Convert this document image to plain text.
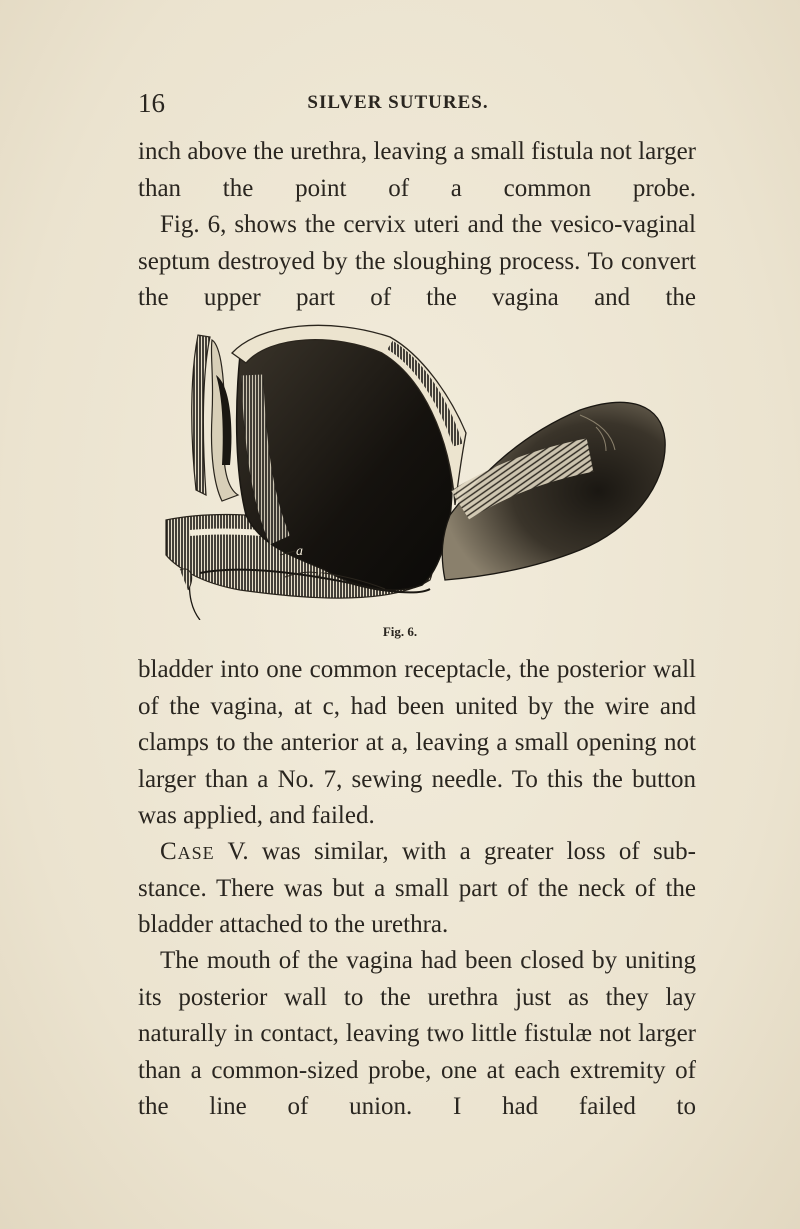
16	SILVER SUTURES.
inch above the urethra, leaving a small fistula not larger than the point of a common probe.
Fig. 6, shows the cervix uteri and the vesico-vaginal septum destroyed by the sloughing process. To convert the upper part of the vagina and the
a
c
Fig. 6.
bladder into one common receptacle, the posterior wall of the vagina, at c, had been united by the wire and clamps to the anterior at a, leaving a small opening not larger than a No. 7, sewing needle. To this the button was applied, and failed.
Case V. was similar, with a greater loss of sub-stance. There was but a small part of the neck of the bladder attached to the urethra.
The mouth of the vagina had been closed by uniting its posterior wall to the urethra just as they lay naturally in contact, leaving two little fistulæ not larger than a common-sized probe, one at each extremity of the line of union. I had failed to
